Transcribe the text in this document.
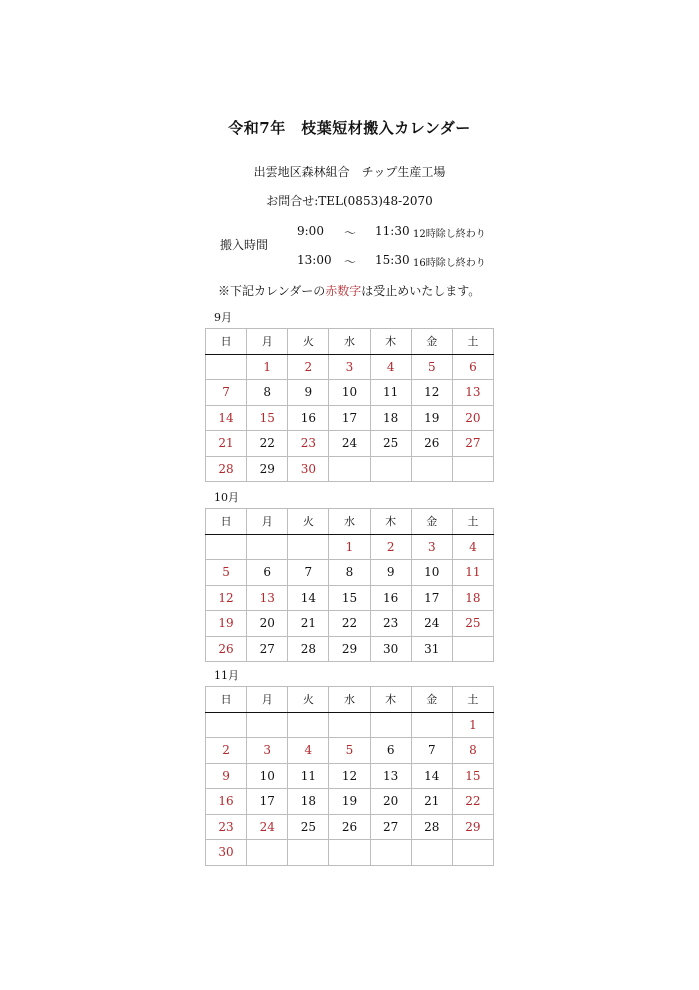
令和7年　枝葉短材搬入カレンダー
出雲地区森林組合　チップ生産工場
お問合せ:TEL(0853)48-2070
搬入時間
9:00 ～ 11:30 12時除し終わり
13:00 ～ 15:30 16時除し終わり
※下記カレンダーの赤数字は受止めいたします。
9月
日	月	火	水	木	金	土
	1	2	3	4	5	6
7	8	9	10	11	12	13
14	15	16	17	18	19	20
21	22	23	24	25	26	27
28	29	30				
10月
日	月	火	水	木	金	土
			1	2	3	4
5	6	7	8	9	10	11
12	13	14	15	16	17	18
19	20	21	22	23	24	25
26	27	28	29	30	31	
11月
日	月	火	水	木	金	土
						1
2	3	4	5	6	7	8
9	10	11	12	13	14	15
16	17	18	19	20	21	22
23	24	25	26	27	28	29
30						
